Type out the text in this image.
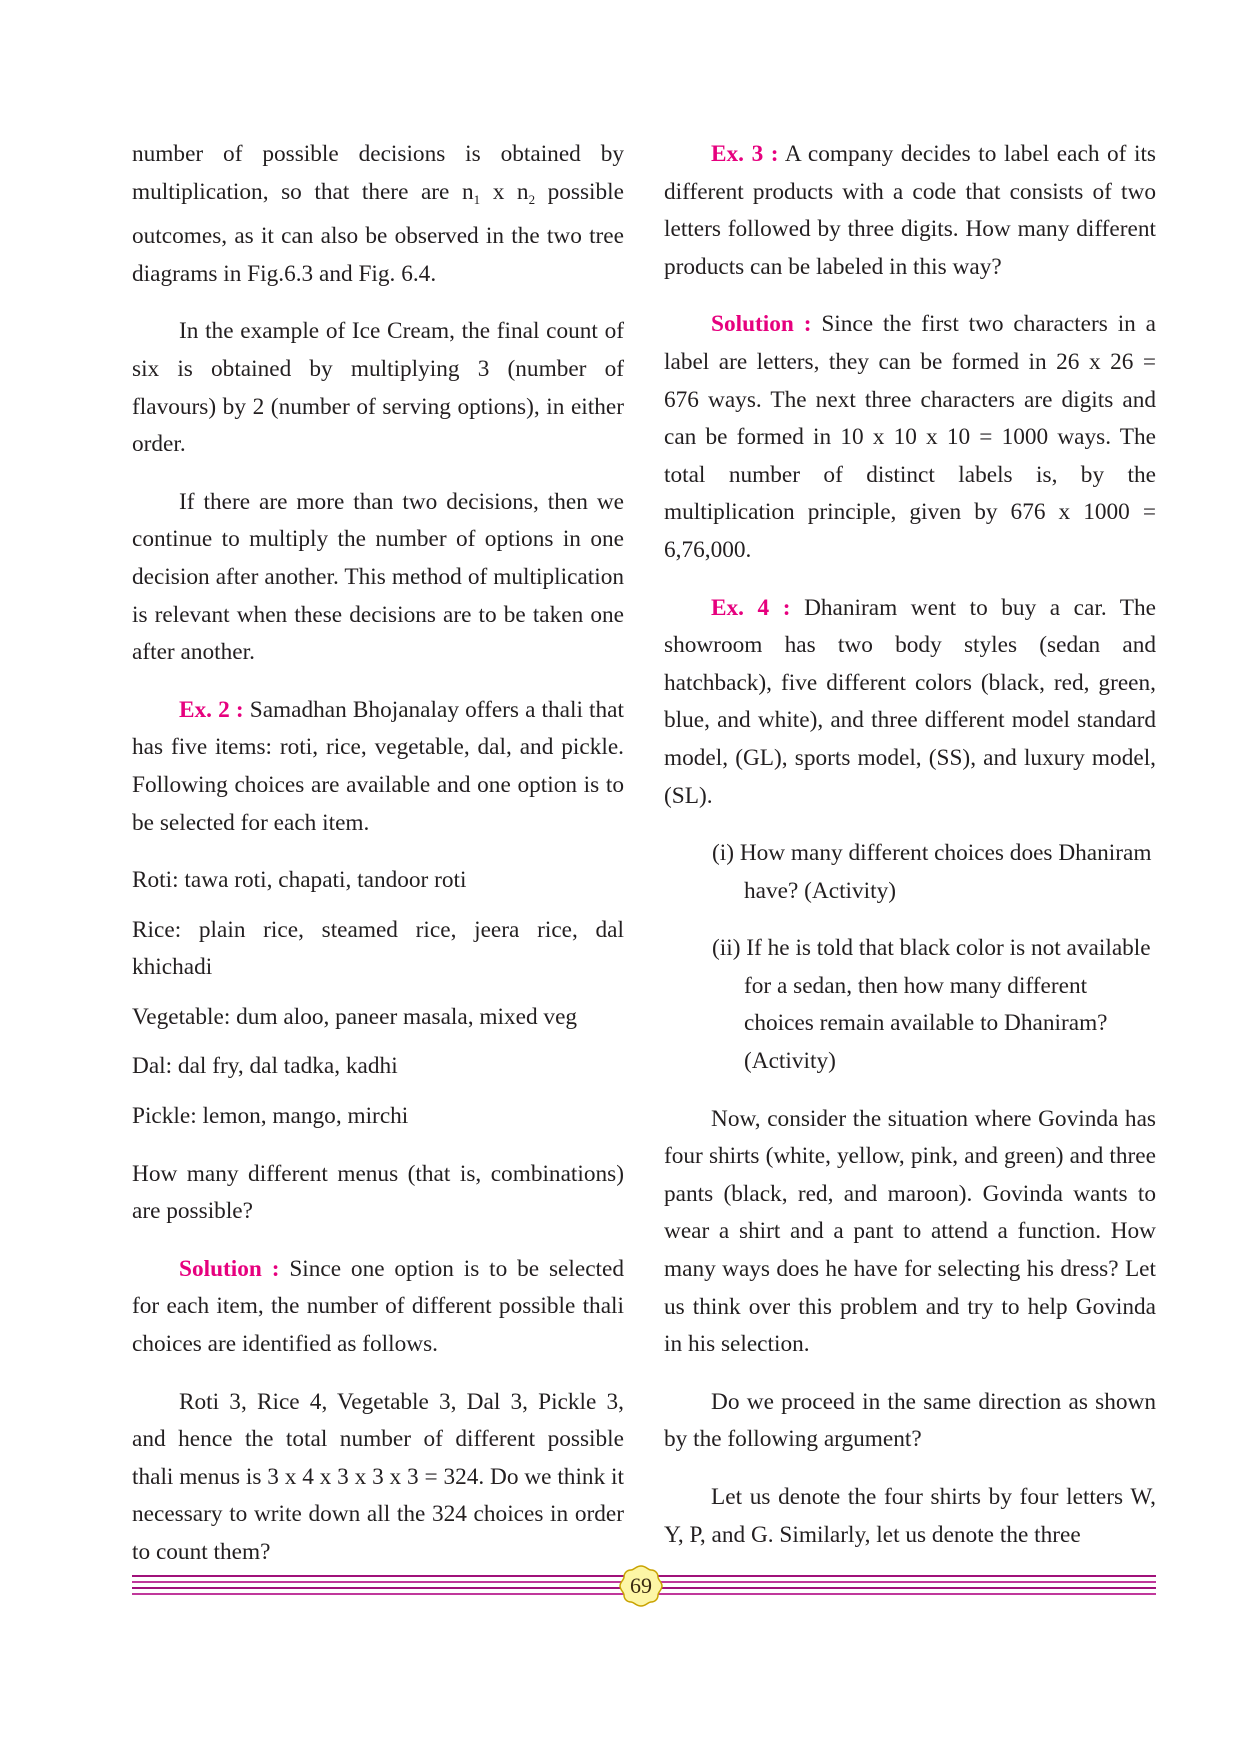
number of possible decisions is obtained by multiplication, so that there are $n_1$ x $n_2$ possible outcomes, as it can also be observed in the two tree diagrams in Fig.6.3 and Fig. 6.4.

In the example of Ice Cream, the final count of six is obtained by multiplying 3 (number of flavours) by 2 (number of serving options), in either order.

If there are more than two decisions, then we continue to multiply the number of options in one decision after another. This method of multiplication is relevant when these decisions are to be taken one after another.

Ex. 2 : Samadhan Bhojanalay offers a thali that has five items: roti, rice, vegetable, dal, and pickle. Following choices are available and one option is to be selected for each item.

Roti: tawa roti, chapati, tandoor roti

Rice: plain rice, steamed rice, jeera rice, dal khichadi

Vegetable: dum aloo, paneer masala, mixed veg

Dal: dal fry, dal tadka, kadhi

Pickle: lemon, mango, mirchi

How many different menus (that is, combinations) are possible?

Solution : Since one option is to be selected for each item, the number of different possible thali choices are identified as follows.

Roti 3, Rice 4, Vegetable 3, Dal 3, Pickle 3, and hence the total number of different possible thali menus is 3 x 4 x 3 x 3 x 3 = 324. Do we think it necessary to write down all the 324 choices in order to count them?

Ex. 3 : A company decides to label each of its different products with a code that consists of two letters followed by three digits. How many different products can be labeled in this way?

Solution : Since the first two characters in a label are letters, they can be formed in 26 x 26 = 676 ways. The next three characters are digits and can be formed in 10 x 10 x 10 = 1000 ways. The total number of distinct labels is, by the multiplication principle, given by 676 x 1000 = 6,76,000.

Ex. 4 : Dhaniram went to buy a car. The showroom has two body styles (sedan and hatchback), five different colors (black, red, green, blue, and white), and three different model standard model, (GL), sports model, (SS), and luxury model, (SL).

(i) How many different choices does Dhaniram have? (Activity)

(ii) If he is told that black color is not available for a sedan, then how many different choices remain available to Dhaniram? (Activity)

Now, consider the situation where Govinda has four shirts (white, yellow, pink, and green) and three pants (black, red, and maroon). Govinda wants to wear a shirt and a pant to attend a function. How many ways does he have for selecting his dress? Let us think over this problem and try to help Govinda in his selection.

Do we proceed in the same direction as shown by the following argument?

Let us denote the four shirts by four letters W, Y, P, and G. Similarly, let us denote the three

69
